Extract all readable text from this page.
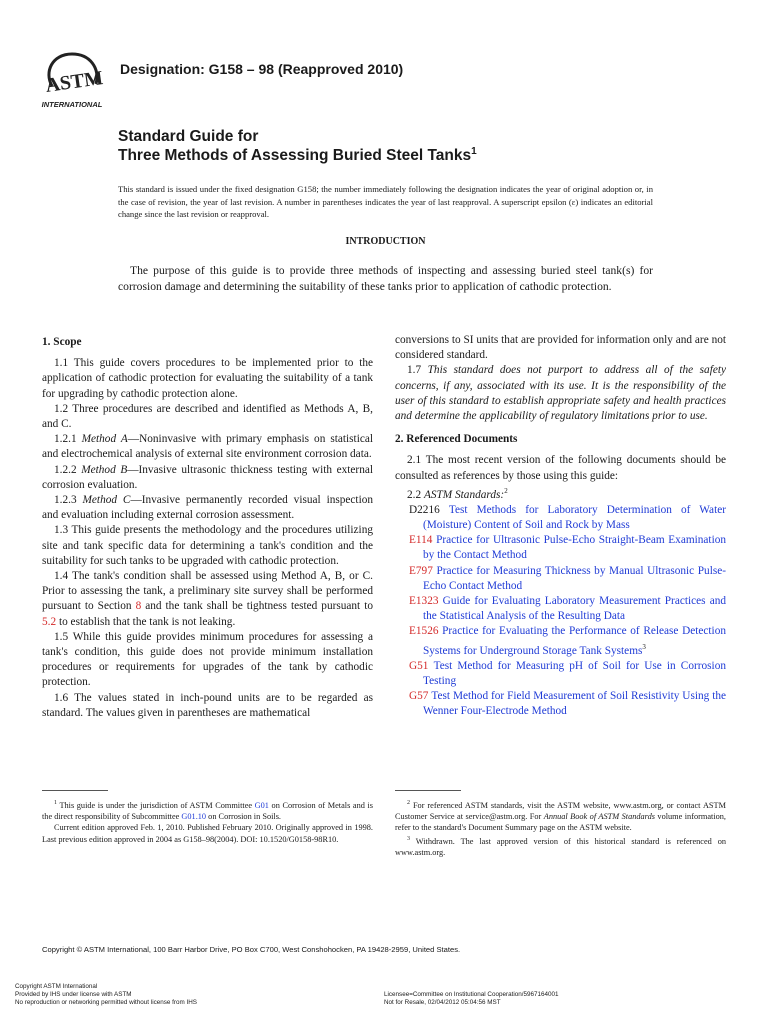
ASTM
INTERNATIONAL
Designation: G158 – 98 (Reapproved 2010)
Standard Guide for
Three Methods of Assessing Buried Steel Tanks$^1$
This standard is issued under the fixed designation G158; the number immediately following the designation indicates the year of original adoption or, in the case of revision, the year of last revision. A number in parentheses indicates the year of last reapproval. A superscript epsilon (ε) indicates an editorial change since the last revision or reapproval.
INTRODUCTION
The purpose of this guide is to provide three methods of inspecting and assessing buried steel tank(s) for corrosion damage and determining the suitability of these tanks prior to application of cathodic protection.

1. Scope

1.1 This guide covers procedures to be implemented prior to the application of cathodic protection for evaluating the suitability of a tank for upgrading by cathodic protection alone.

1.2 Three procedures are described and identified as Methods A, B, and C.

1.2.1 Method A—Noninvasive with primary emphasis on statistical and electrochemical analysis of external site environment corrosion data.

1.2.2 Method B—Invasive ultrasonic thickness testing with external corrosion evaluation.

1.2.3 Method C—Invasive permanently recorded visual inspection and evaluation including external corrosion assessment.

1.3 This guide presents the methodology and the procedures utilizing site and tank specific data for determining a tank's condition and the suitability for such tanks to be upgraded with cathodic protection.

1.4 The tank's condition shall be assessed using Method A, B, or C. Prior to assessing the tank, a preliminary site survey shall be performed pursuant to Section 8 and the tank shall be tightness tested pursuant to 5.2 to establish that the tank is not leaking.

1.5 While this guide provides minimum procedures for assessing a tank's condition, this guide does not provide minimum installation procedures or requirements for upgrades of the tank by cathodic protection.

1.6 The values stated in inch-pound units are to be regarded as standard. The values given in parentheses are mathematical

conversions to SI units that are provided for information only and are not considered standard.

1.7 This standard does not purport to address all of the safety concerns, if any, associated with its use. It is the responsibility of the user of this standard to establish appropriate safety and health practices and determine the applicability of regulatory limitations prior to use.

2. Referenced Documents

2.1 The most recent version of the following documents should be consulted as references by those using this guide:

2.2 ASTM Standards:$^2$

D2216 Test Methods for Laboratory Determination of Water (Moisture) Content of Soil and Rock by Mass

E114 Practice for Ultrasonic Pulse-Echo Straight-Beam Examination by the Contact Method

E797 Practice for Measuring Thickness by Manual Ultrasonic Pulse-Echo Contact Method

E1323 Guide for Evaluating Laboratory Measurement Practices and the Statistical Analysis of the Resulting Data

E1526 Practice for Evaluating the Performance of Release Detection Systems for Underground Storage Tank Systems$^3$

G51 Test Method for Measuring pH of Soil for Use in Corrosion Testing

G57 Test Method for Field Measurement of Soil Resistivity Using the Wenner Four-Electrode Method

$^1$ This guide is under the jurisdiction of ASTM Committee G01 on Corrosion of Metals and is the direct responsibility of Subcommittee G01.10 on Corrosion in Soils.

Current edition approved Feb. 1, 2010. Published February 2010. Originally approved in 1998. Last previous edition approved in 2004 as G158–98(2004). DOI: 10.1520/G0158-98R10.

$^2$ For referenced ASTM standards, visit the ASTM website, www.astm.org, or contact ASTM Customer Service at service@astm.org. For Annual Book of ASTM Standards volume information, refer to the standard's Document Summary page on the ASTM website.

$^3$ Withdrawn. The last approved version of this historical standard is referenced on www.astm.org.

Copyright © ASTM International, 100 Barr Harbor Drive, PO Box C700, West Conshohocken, PA 19428-2959, United States.
Copyright ASTM International
Provided by IHS under license with ASTM
No reproduction or networking permitted without license from IHS
Licensee=Committee on Institutional Cooperation/5967164001
Not for Resale, 02/04/2012 05:04:56 MST
